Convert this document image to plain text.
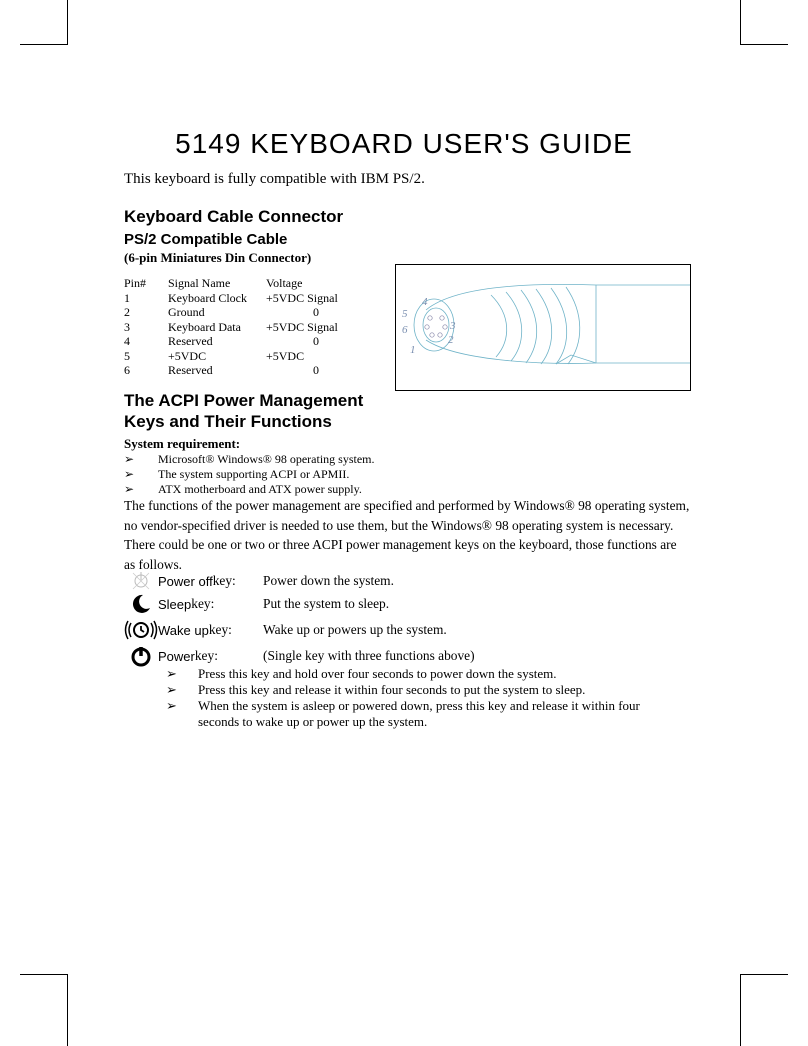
5149 KEYBOARD USER'S GUIDE
This keyboard is fully compatible with IBM PS/2.
Keyboard Cable Connector
PS/2 Compatible Cable
(6-pin Miniatures Din Connector)
Pin#	Signal Name	Voltage
1	Keyboard Clock	+5VDC Signal
2	Ground	0
3	Keyboard Data	+5VDC Signal
4	Reserved	0
5	+5VDC	+5VDC
6	Reserved	0
4
5
6	3
2
1
The ACPI Power Management
Keys and Their Functions
System requirement:
➢	Microsoft® Windows® 98 operating system.
➢	The system supporting ACPI or APMII.
➢	ATX motherboard and ATX power supply.
The functions of the power management are specified and performed by Windows® 98 operating system, no vendor-specified driver is needed to use them, but the Windows® 98 operating system is necessary. There could be one or two or three ACPI power management keys on the keyboard, those functions are as follows.
Power off key: Power down the system.
Sleep key:	Put the system to sleep.
Wake up key: Wake up or powers up the system.
Power key:	(Single key with three functions above)
➢	Press this key and hold over four seconds to power down the system.
➢	Press this key and release it within four seconds to put the system to sleep.
➢	When the system is asleep or powered down, press this key and release it within four
seconds to wake up or power up the system.
